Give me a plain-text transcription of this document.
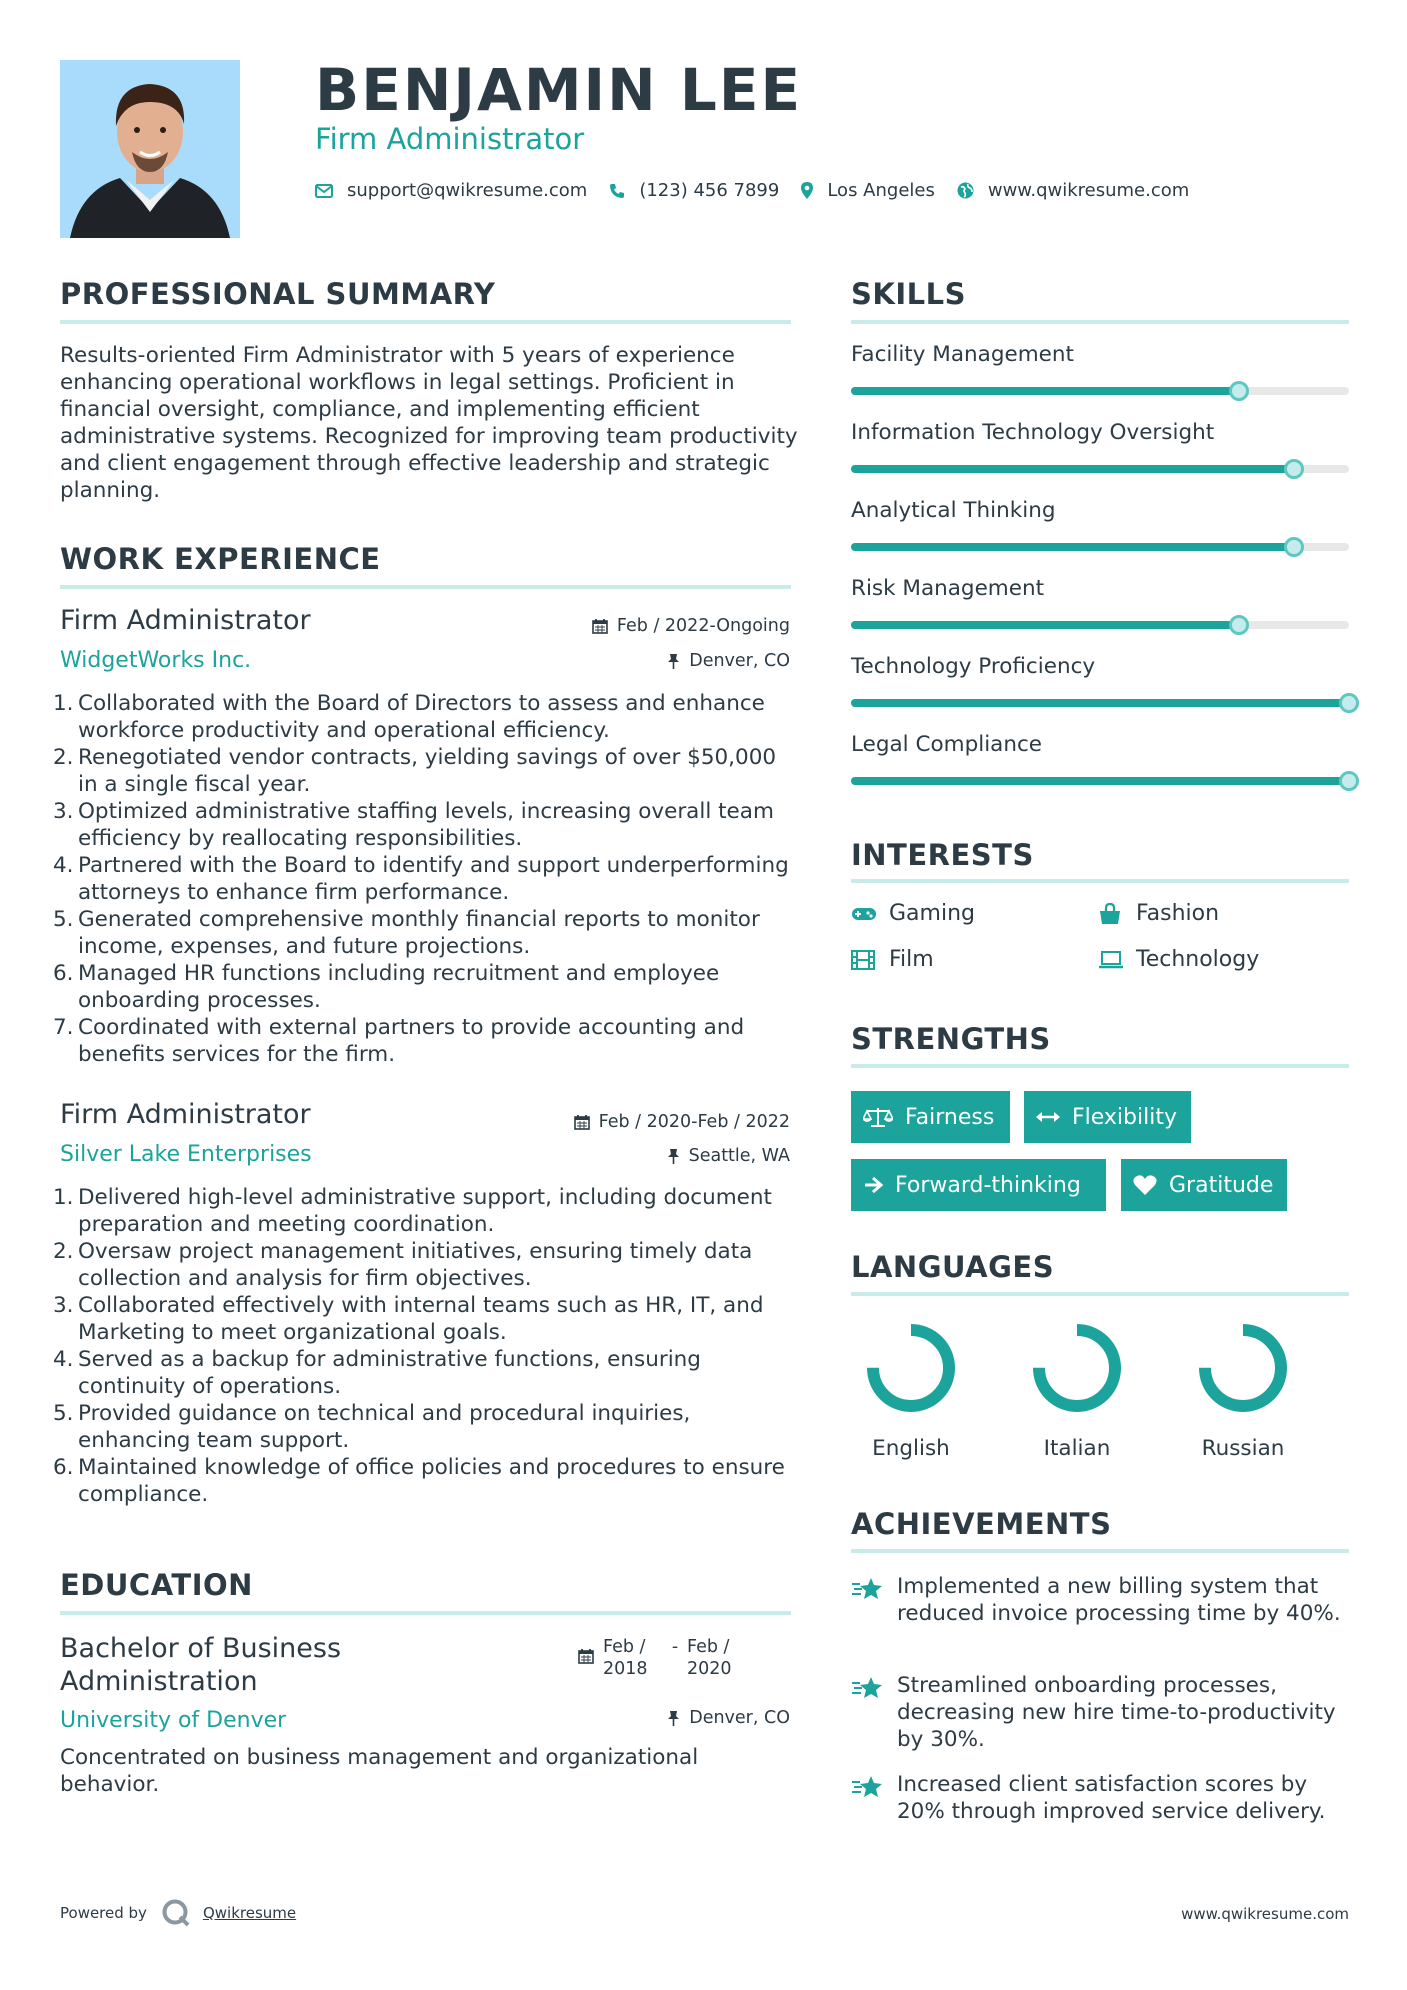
BENJAMIN LEE
Firm Administrator
support@qwikresume.com	(123) 456 7899	Los Angeles	www.qwikresume.com
PROFESSIONAL SUMMARY
Results-oriented Firm Administrator with 5 years of experience enhancing operational workflows in legal settings. Proficient in financial oversight, compliance, and implementing efficient administrative systems. Recognized for improving team productivity and client engagement through effective leadership and strategic planning.
WORK EXPERIENCE
Firm Administrator	Feb / 2022-Ongoing
WidgetWorks Inc.	Denver, CO
1. Collaborated with the Board of Directors to assess and enhance workforce productivity and operational efficiency.
2. Renegotiated vendor contracts, yielding savings of over $50,000 in a single fiscal year.
3. Optimized administrative staffing levels, increasing overall team efficiency by reallocating responsibilities.
4. Partnered with the Board to identify and support underperforming attorneys to enhance firm performance.
5. Generated comprehensive monthly financial reports to monitor income, expenses, and future projections.
6. Managed HR functions including recruitment and employee onboarding processes.
7. Coordinated with external partners to provide accounting and benefits services for the firm.
Firm Administrator	Feb / 2020-Feb / 2022
Silver Lake Enterprises	Seattle, WA
1. Delivered high-level administrative support, including document preparation and meeting coordination.
2. Oversaw project management initiatives, ensuring timely data collection and analysis for firm objectives.
3. Collaborated effectively with internal teams such as HR, IT, and Marketing to meet organizational goals.
4. Served as a backup for administrative functions, ensuring continuity of operations.
5. Provided guidance on technical and procedural inquiries, enhancing team support.
6. Maintained knowledge of office policies and procedures to ensure compliance.
EDUCATION
Bachelor of Business Administration
Feb / 2018
- Feb / 2020
University of Denver	Denver, CO
Concentrated on business management and organizational behavior.
SKILLS
Facility Management
Information Technology Oversight
Analytical Thinking
Risk Management
Technology Proficiency
Legal Compliance
INTERESTS
Gaming	Fashion
Film	Technology
STRENGTHS
Fairness	Flexibility
Forward-thinking	Gratitude
LANGUAGES
English	Italian	Russian
ACHIEVEMENTS
Implemented a new billing system that reduced invoice processing time by 40%.
Streamlined onboarding processes, decreasing new hire time-to-productivity by 30%.
Increased client satisfaction scores by 20% through improved service delivery.
Powered by	Qwikresume	www.qwikresume.com
